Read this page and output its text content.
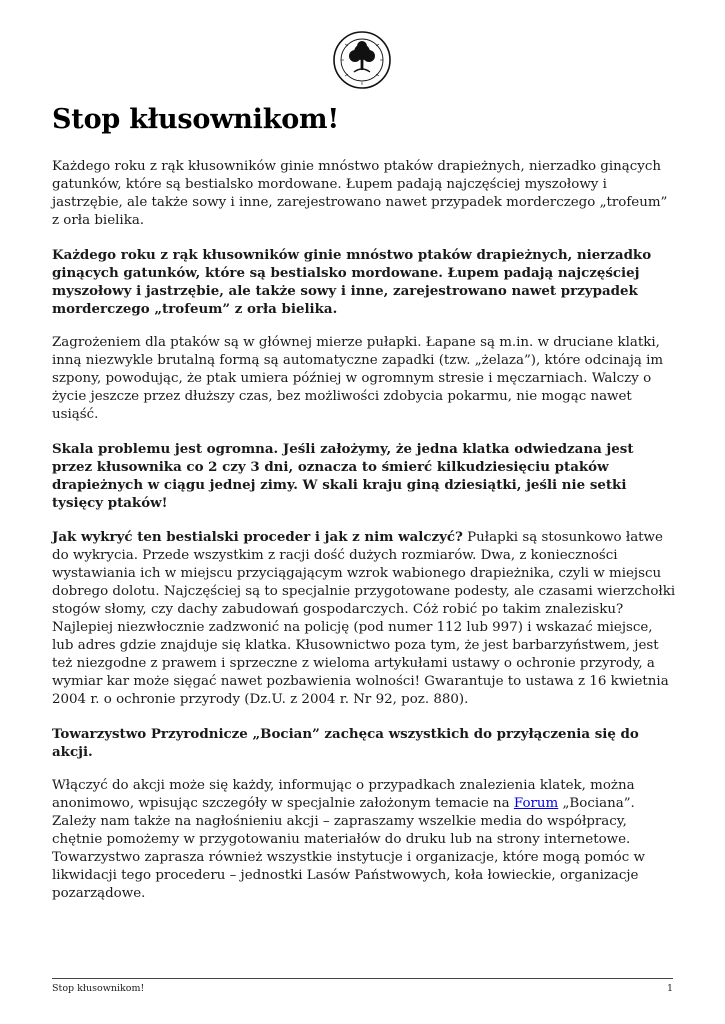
Stop kłusownikom!

Każdego roku z rąk kłusowników ginie mnóstwo ptaków drapieżnych, nierzadko ginących gatunków, które są bestialsko mordowane. Łupem padają najczęściej myszołowy i jastrzębie, ale także sowy i inne, zarejestrowano nawet przypadek morderczego „trofeum” z orła bielika.

Każdego roku z rąk kłusowników ginie mnóstwo ptaków drapieżnych, nierzadko ginących gatunków, które są bestialsko mordowane. Łupem padają najczęściej myszołowy i jastrzębie, ale także sowy i inne, zarejestrowano nawet przypadek morderczego „trofeum” z orła bielika.

Zagrożeniem dla ptaków są w głównej mierze pułapki. Łapane są m.in. w druciane klatki, inną niezwykle brutalną formą są automatyczne zapadki (tzw. „żelaza”), które odcinają im szpony, powodując, że ptak umiera później w ogromnym stresie i męczarniach. Walczy o życie jeszcze przez dłuższy czas, bez możliwości zdobycia pokarmu, nie mogąc nawet usiąść.

Skala problemu jest ogromna. Jeśli założymy, że jedna klatka odwiedzana jest przez kłusownika co 2 czy 3 dni, oznacza to śmierć kilkudziesięciu ptaków drapieżnych w ciągu jednej zimy. W skali kraju giną dziesiątki, jeśli nie setki tysięcy ptaków!

Jak wykryć ten bestialski proceder i jak z nim walczyć? Pułapki są stosunkowo łatwe do wykrycia. Przede wszystkim z racji dość dużych rozmiarów. Dwa, z konieczności wystawiania ich w miejscu przyciągającym wzrok wabionego drapieżnika, czyli w miejscu dobrego dolotu. Najczęściej są to specjalnie przygotowane podesty, ale czasami wierzchołki stogów słomy, czy dachy zabudowań gospodarczych. Cóż robić po takim znalezisku? Najlepiej niezwłocznie zadzwonić na policję (pod numer 112 lub 997) i wskazać miejsce, lub adres gdzie znajduje się klatka. Kłusownictwo poza tym, że jest barbarzyństwem, jest też niezgodne z prawem i sprzeczne z wieloma artykułami ustawy o ochronie przyrody, a wymiar kar może sięgać nawet pozbawienia wolności! Gwarantuje to ustawa z 16 kwietnia 2004 r. o ochronie przyrody (Dz.U. z 2004 r. Nr 92, poz. 880).

Towarzystwo Przyrodnicze „Bocian” zachęca wszystkich do przyłączenia się do akcji.

Włączyć do akcji może się każdy, informując o przypadkach znalezienia klatek, można anonimowo, wpisując szczegóły w specjalnie założonym temacie na Forum „Bociana”. Zależy nam także na nagłośnieniu akcji – zapraszamy wszelkie media do współpracy, chętnie pomożemy w przygotowaniu materiałów do druku lub na strony internetowe. Towarzystwo zaprasza również wszystkie instytucje i organizacje, które mogą pomóc w likwidacji tego procederu – jednostki Lasów Państwowych, koła łowieckie, organizacje pozarządowe.

Stop kłusownikom!	1
